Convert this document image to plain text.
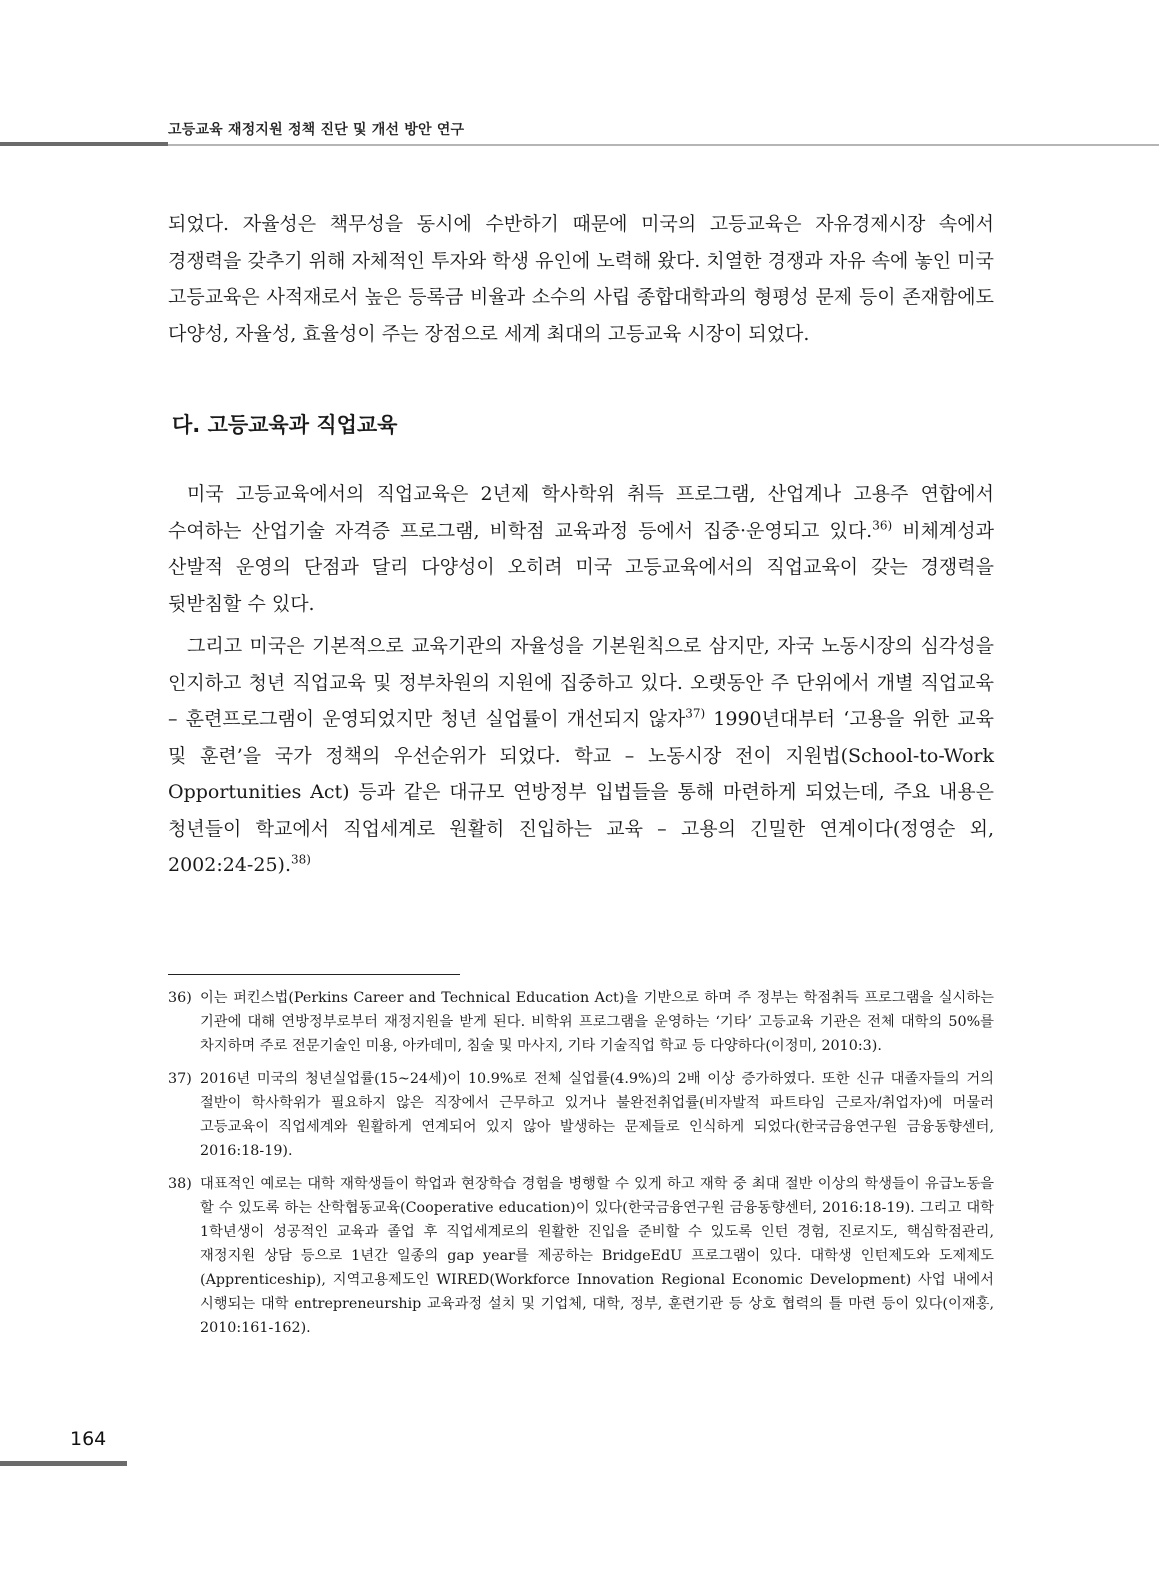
고등교육 재정지원 정책 진단 및 개선 방안 연구

되었다. 자율성은 책무성을 동시에 수반하기 때문에 미국의 고등교육은 자유경제시장 속에서 경쟁력을 갖추기 위해 자체적인 투자와 학생 유인에 노력해 왔다. 치열한 경쟁과 자유 속에 놓인 미국 고등교육은 사적재로서 높은 등록금 비율과 소수의 사립 종합대학과의 형평성 문제 등이 존재함에도 다양성, 자율성, 효율성이 주는 장점으로 세계 최대의 고등교육 시장이 되었다.

다. 고등교육과 직업교육

미국 고등교육에서의 직업교육은 2년제 학사학위 취득 프로그램, 산업계나 고용주 연합에서 수여하는 산업기술 자격증 프로그램, 비학점 교육과정 등에서 집중·운영되고 있다.$^{36)}$ 비체계성과 산발적 운영의 단점과 달리 다양성이 오히려 미국 고등교육에서의 직업교육이 갖는 경쟁력을 뒷받침할 수 있다.

그리고 미국은 기본적으로 교육기관의 자율성을 기본원칙으로 삼지만, 자국 노동시장의 심각성을 인지하고 청년 직업교육 및 정부차원의 지원에 집중하고 있다. 오랫동안 주 단위에서 개별 직업교육 – 훈련프로그램이 운영되었지만 청년 실업률이 개선되지 않자$^{37)}$ 1990년대부터 ‘고용을 위한 교육 및 훈련’을 국가 정책의 우선순위가 되었다. 학교 – 노동시장 전이 지원법(School-to-Work Opportunities Act) 등과 같은 대규모 연방정부 입법들을 통해 마련하게 되었는데, 주요 내용은 청년들이 학교에서 직업세계로 원활히 진입하는 교육 – 고용의 긴밀한 연계이다(정영순 외, 2002:24-25).$^{38)}$

36) 이는 퍼킨스법(Perkins Career and Technical Education Act)을 기반으로 하며 주 정부는 학점취득 프로그램을 실시하는 기관에 대해 연방정부로부터 재정지원을 받게 된다. 비학위 프로그램을 운영하는 ‘기타’ 고등교육 기관은 전체 대학의 50%를 차지하며 주로 전문기술인 미용, 아카데미, 침술 및 마사지, 기타 기술직업 학교 등 다양하다(이정미, 2010:3).

37) 2016년 미국의 청년실업률(15~24세)이 10.9%로 전체 실업률(4.9%)의 2배 이상 증가하였다. 또한 신규 대졸자들의 거의 절반이 학사학위가 필요하지 않은 직장에서 근무하고 있거나 불완전취업률(비자발적 파트타임 근로자/취업자)에 머물러 고등교육이 직업세계와 원활하게 연계되어 있지 않아 발생하는 문제들로 인식하게 되었다(한국금융연구원 금융동향센터, 2016:18-19).

38) 대표적인 예로는 대학 재학생들이 학업과 현장학습 경험을 병행할 수 있게 하고 재학 중 최대 절반 이상의 학생들이 유급노동을 할 수 있도록 하는 산학협동교육(Cooperative education)이 있다(한국금융연구원 금융동향센터, 2016:18-19). 그리고 대학 1학년생이 성공적인 교육과 졸업 후 직업세계로의 원활한 진입을 준비할 수 있도록 인턴 경험, 진로지도, 핵심학점관리, 재정지원 상담 등으로 1년간 일종의 gap year를 제공하는 BridgeEdU 프로그램이 있다. 대학생 인턴제도와 도제제도(Apprenticeship), 지역고용제도인 WIRED(Workforce Innovation Regional Economic Development) 사업 내에서 시행되는 대학 entrepreneurship 교육과정 설치 및 기업체, 대학, 정부, 훈련기관 등 상호 협력의 틀 마련 등이 있다(이재홍, 2010:161-162).

164
